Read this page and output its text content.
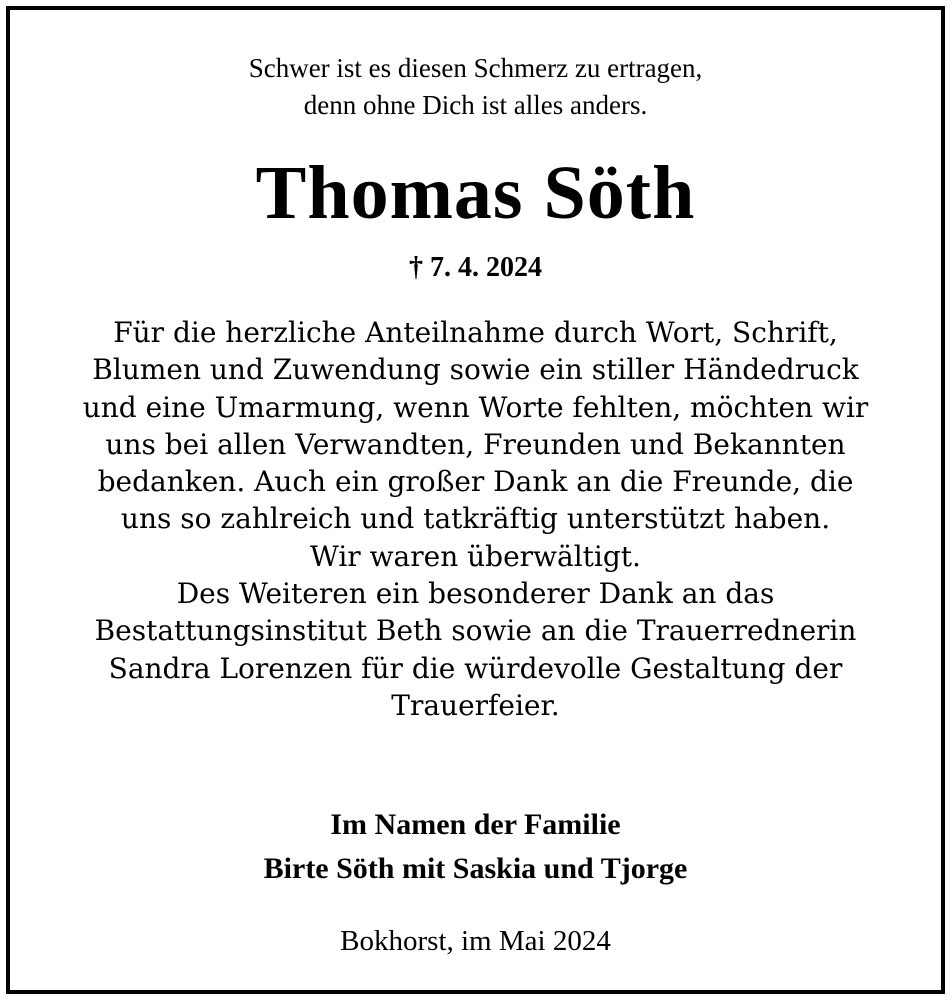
Schwer ist es diesen Schmerz zu ertragen,
denn ohne Dich ist alles anders.
Thomas Söth
† 7. 4. 2024
Für die herzliche Anteilnahme durch Wort, Schrift,
Blumen und Zuwendung sowie ein stiller Händedruck
und eine Umarmung, wenn Worte fehlten, möchten wir
uns bei allen Verwandten, Freunden und Bekannten
bedanken. Auch ein großer Dank an die Freunde, die
uns so zahlreich und tatkräftig unterstützt haben.
Wir waren überwältigt.
Des Weiteren ein besonderer Dank an das
Bestattungsinstitut Beth sowie an die Trauerrednerin
Sandra Lorenzen für die würdevolle Gestaltung der
Trauerfeier.
Im Namen der Familie
Birte Söth mit Saskia und Tjorge
Bokhorst, im Mai 2024
